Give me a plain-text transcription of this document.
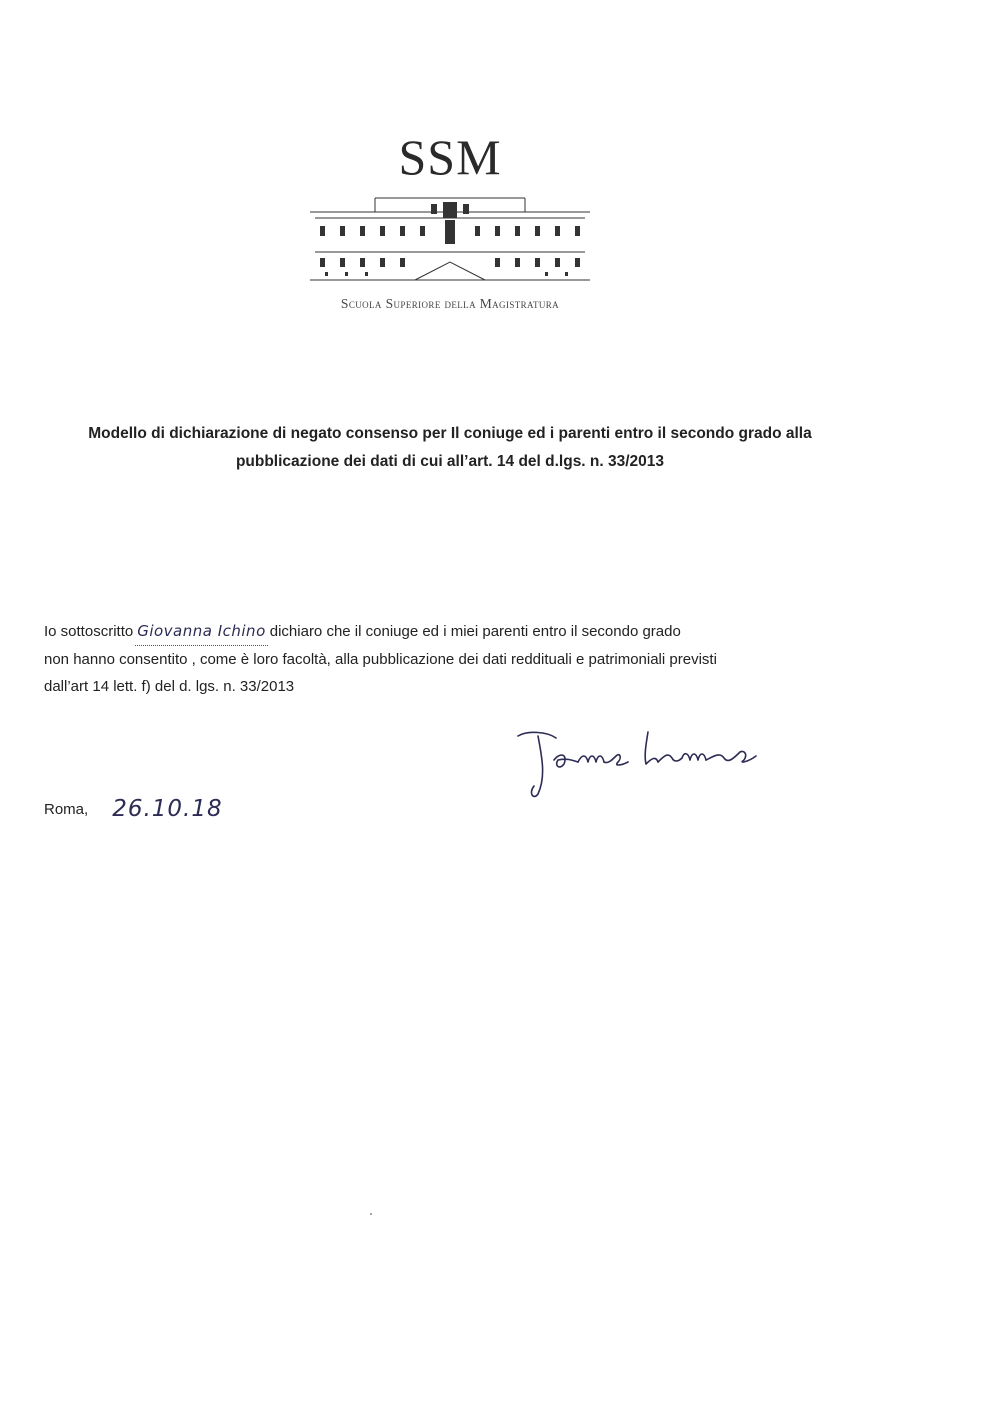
SSM
Scuola Superiore della Magistratura
Modello di dichiarazione di negato consenso per Il coniuge ed i parenti entro il secondo grado alla
pubblicazione dei dati di cui all’art. 14 del d.lgs. n. 33/2013

Io sottoscritto Giovanna Ichino dichiaro che il coniuge ed i miei parenti entro il secondo grado

non hanno consentito , come è loro facoltà, alla pubblicazione dei dati reddituali e patrimoniali previsti

dall’art 14 lett. f) del d. lgs. n. 33/2013

Roma, 26.10.18
